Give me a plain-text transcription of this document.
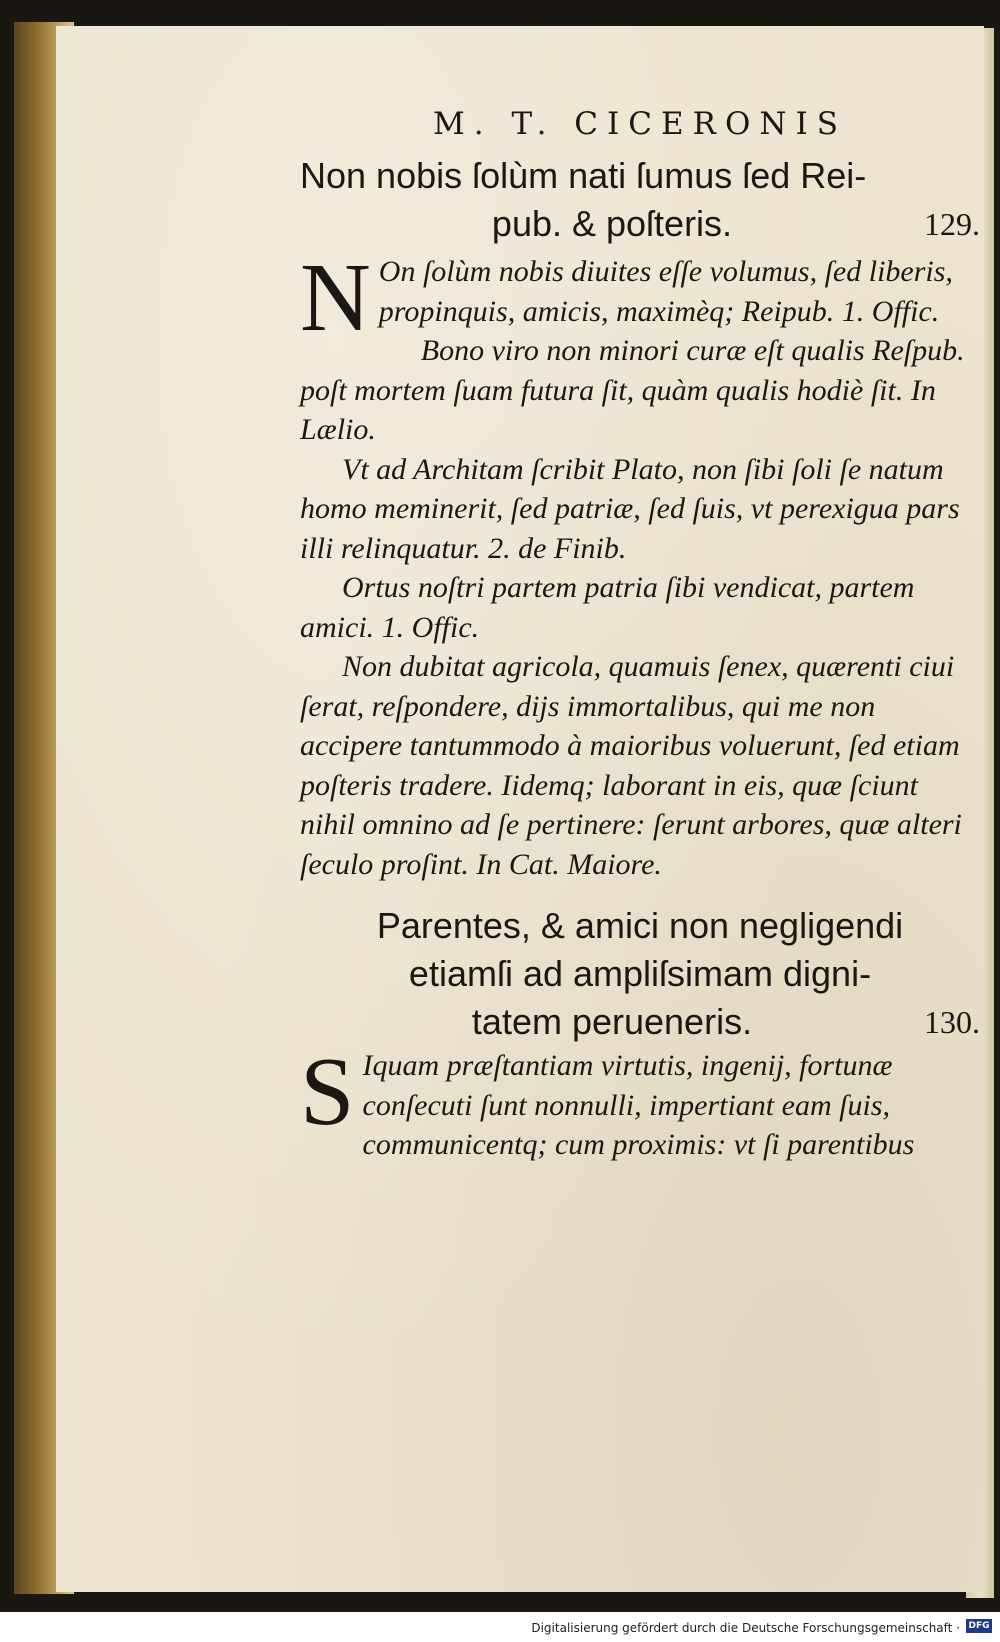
M. T. CICERONIS
Non nobis ſolùm nati ſumus ſed Rei-
pub. & poſteris.	129.
N On ſolùm nobis diuites eſſe volumus, ſed liberis, propinquis, amicis, maximèq; Reipub. 1. Offic.

Bono viro non minori curæ eſt qualis Reſpub. poſt mortem ſuam futura ſit, quàm qualis hodiè ſit. In Lælio.

Vt ad Architam ſcribit Plato, non ſibi ſoli ſe natum homo meminerit, ſed patriæ, ſed ſuis, vt perexigua pars illi relinquatur. 2. de Finib.

Ortus noſtri partem patria ſibi vendicat, partem amici. 1. Offic.

Non dubitat agricola, quamuis ſenex, quærenti ciui ſerat, reſpondere, dijs immortalibus, qui me non accipere tantummodo à maioribus voluerunt, ſed etiam poſteris tradere. Iidemq; laborant in eis, quæ ſciunt nihil omnino ad ſe pertinere: ſerunt arbores, quæ alteri ſeculo proſint. In Cat. Maiore.

Parentes, & amici non negligendi
etiamſi ad ampliſsimam digni-
tatem perueneris.	130.
S Iquam præſtantiam virtutis, ingenij, fortunæ conſecuti ſunt nonnulli, impertiant eam ſuis, communicentq; cum proximis: vt ſi parentibus

Digitalisierung gefördert durch die Deutsche Forschungsgemeinschaft · DFG
